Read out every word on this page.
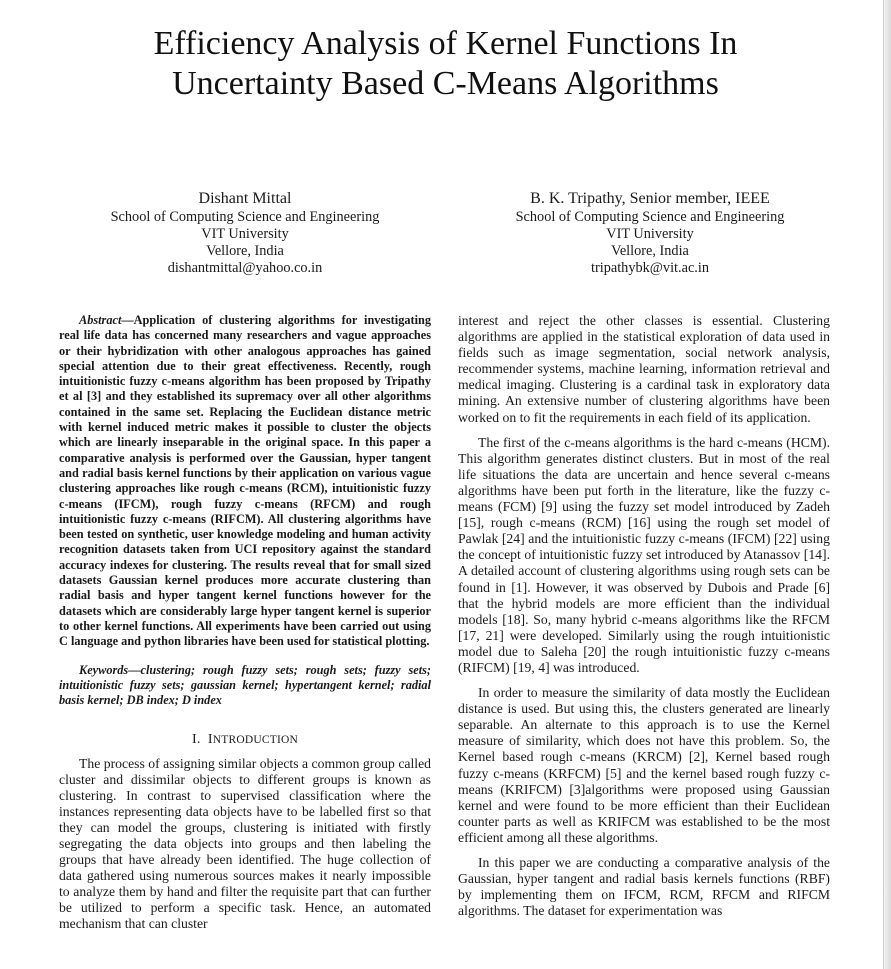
Efficiency Analysis of Kernel Functions In
Uncertainty Based C-Means Algorithms
Dishant Mittal
School of Computing Science and Engineering
VIT University
Vellore, India
dishantmittal@yahoo.co.in
B. K. Tripathy, Senior member, IEEE
School of Computing Science and Engineering
VIT University
Vellore, India
tripathybk@vit.ac.in

Abstract—Application of clustering algorithms for investigating real life data has concerned many researchers and vague approaches or their hybridization with other analogous approaches has gained special attention due to their great effectiveness. Recently, rough intuitionistic fuzzy c-means algorithm has been proposed by Tripathy et al [3] and they established its supremacy over all other algorithms contained in the same set. Replacing the Euclidean distance metric with kernel induced metric makes it possible to cluster the objects which are linearly inseparable in the original space. In this paper a comparative analysis is performed over the Gaussian, hyper tangent and radial basis kernel functions by their application on various vague clustering approaches like rough c-means (RCM), intuitionistic fuzzy c-means (IFCM), rough fuzzy c-means (RFCM) and rough intuitionistic fuzzy c-means (RIFCM). All clustering algorithms have been tested on synthetic, user knowledge modeling and human activity recognition datasets taken from UCI repository against the standard accuracy indexes for clustering. The results reveal that for small sized datasets Gaussian kernel produces more accurate clustering than radial basis and hyper tangent kernel functions however for the datasets which are considerably large hyper tangent kernel is superior to other kernel functions. All experiments have been carried out using C language and python libraries have been used for statistical plotting.

Keywords—clustering; rough fuzzy sets; rough sets; fuzzy sets; intuitionistic fuzzy sets; gaussian kernel; hypertangent kernel; radial basis kernel; DB index; D index

I. INTRODUCTION

The process of assigning similar objects a common group called cluster and dissimilar objects to different groups is known as clustering. In contrast to supervised classification where the instances representing data objects have to be labelled first so that they can model the groups, clustering is initiated with firstly segregating the data objects into groups and then labeling the groups that have already been identified. The huge collection of data gathered using numerous sources makes it nearly impossible to analyze them by hand and filter the requisite part that can further be utilized to perform a specific task. Hence, an automated mechanism that can cluster

interest and reject the other classes is essential. Clustering algorithms are applied in the statistical exploration of data used in fields such as image segmentation, social network analysis, recommender systems, machine learning, information retrieval and medical imaging. Clustering is a cardinal task in exploratory data mining. An extensive number of clustering algorithms have been worked on to fit the requirements in each field of its application.

The first of the c-means algorithms is the hard c-means (HCM). This algorithm generates distinct clusters. But in most of the real life situations the data are uncertain and hence several c-means algorithms have been put forth in the literature, like the fuzzy c-means (FCM) [9] using the fuzzy set model introduced by Zadeh [15], rough c-means (RCM) [16] using the rough set model of Pawlak [24] and the intuitionistic fuzzy c-means (IFCM) [22] using the concept of intuitionistic fuzzy set introduced by Atanassov [14]. A detailed account of clustering algorithms using rough sets can be found in [1]. However, it was observed by Dubois and Prade [6] that the hybrid models are more efficient than the individual models [18]. So, many hybrid c-means algorithms like the RFCM [17, 21] were developed. Similarly using the rough intuitionistic model due to Saleha [20] the rough intuitionistic fuzzy c-means (RIFCM) [19, 4] was introduced.

In order to measure the similarity of data mostly the Euclidean distance is used. But using this, the clusters generated are linearly separable. An alternate to this approach is to use the Kernel measure of similarity, which does not have this problem. So, the Kernel based rough c-means (KRCM) [2], Kernel based rough fuzzy c-means (KRFCM) [5] and the kernel based rough fuzzy c-means (KRIFCM) [3]algorithms were proposed using Gaussian kernel and were found to be more efficient than their Euclidean counter parts as well as KRIFCM was established to be the most efficient among all these algorithms.

In this paper we are conducting a comparative analysis of the Gaussian, hyper tangent and radial basis kernels functions (RBF) by implementing them on IFCM, RCM, RFCM and RIFCM algorithms. The dataset for experimentation was
